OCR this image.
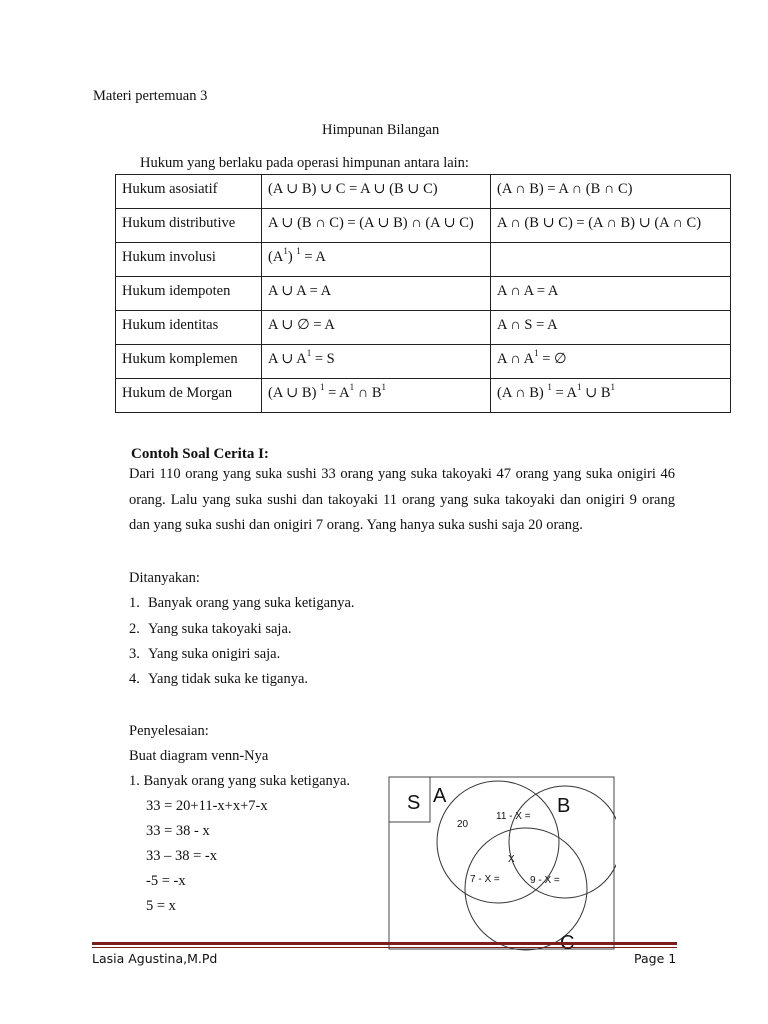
Materi pertemuan 3
Himpunan Bilangan
Hukum yang berlaku pada operasi himpunan antara lain:
Hukum asosiatif	(A ∪ B) ∪ C = A ∪ (B ∪ C)	(A ∩ B) = A ∩ (B ∩ C)
Hukum distributive	A ∪ (B ∩ C) = (A ∪ B) ∩ (A ∪ C)	A ∩ (B ∪ C) = (A ∩ B) ∪ (A ∩ C)
Hukum involusi	$(A^1) ^1 = A$	
Hukum idempoten	A ∪ A = A	A ∩ A = A
Hukum identitas	A ∪ ∅ = A	A ∩ S = A
Hukum komplemen	A ∪ $A^1 = S$	A ∩ $A^1$ = ∅
Hukum de Morgan	(A ∪ B) $^1 = A^1$ ∩ $B^1$	(A ∩ B) $^1 = A^1$ ∪ $B^1$
Contoh Soal Cerita I:
Dari 110 orang yang suka sushi 33 orang yang suka takoyaki 47 orang yang suka onigiri 46 orang. Lalu yang suka sushi dan takoyaki 11 orang yang suka takoyaki dan onigiri 9 orang dan yang suka sushi dan onigiri 7 orang. Yang hanya suka sushi saja 20 orang.
Ditanyakan:
1. Banyak orang yang suka ketiganya.
2. Yang suka takoyaki saja.
3. Yang suka onigiri saja.
4. Yang tidak suka ke tiganya.
Penyelesaian:
Buat diagram venn-Nya
1. Banyak orang yang suka ketiganya.
33 = 20+11-x+x+7-x
33 = 38 - x
33 – 38 = -x
-5 = -x
5 = x
S A	B
20
11 - X =
X
7 - X =	9 - X =
Lasia Agustina,M.Pd	Page 1
